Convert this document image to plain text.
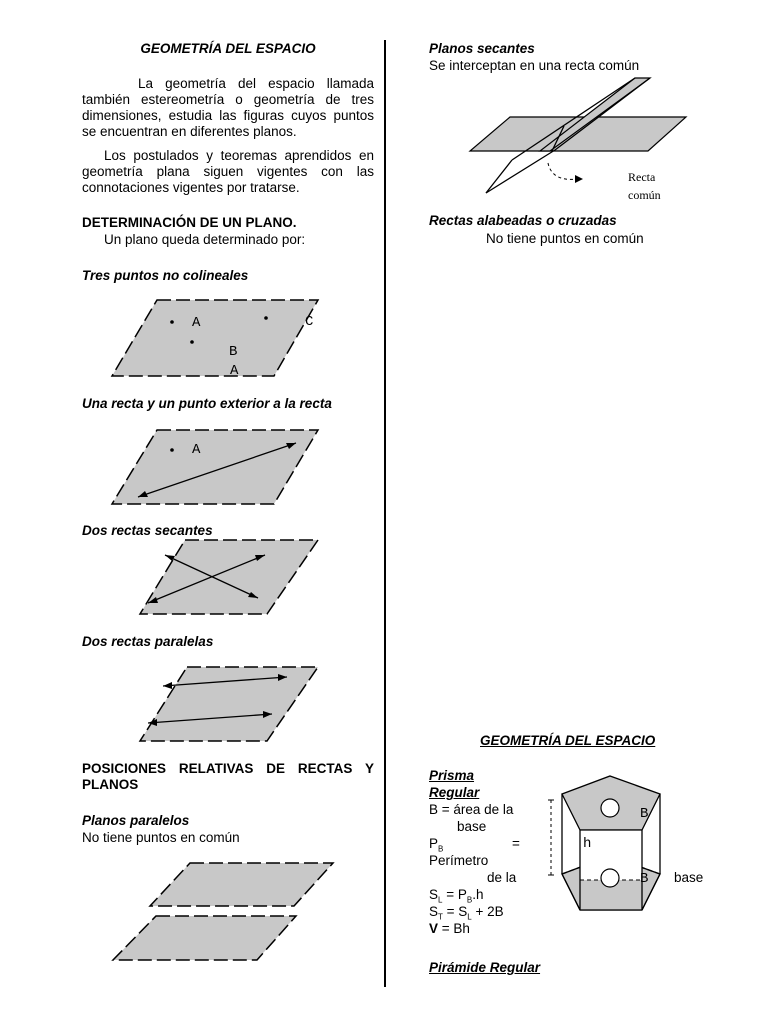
GEOMETRÍA DEL ESPACIO
La geometría del espacio llamada también estereometría o geometría de tres dimensiones, estudia las figuras cuyos puntos se encuentran en diferentes planos.
Los postulados y teoremas aprendidos en geometría plana siguen vigentes con las connotaciones vigentes por tratarse.
DETERMINACIÓN DE UN PLANO.
Un plano queda determinado por:
Tres puntos no colineales
A	C
B
A
Una recta y un punto exterior a la recta
A
Dos rectas secantes
Dos rectas paralelas
POSICIONES RELATIVAS DE RECTAS Y PLANOS
Planos paralelos
No tiene puntos en común
Planos secantes
Se interceptan en una recta común
Recta
común
Rectas alabeadas o cruzadas
No tiene puntos en común
GEOMETRÍA DEL ESPACIO
Prisma
Regular
B = área de la
base
$P_B$	=
Perímetro
de la	base
$S_L = P_B.h$
$S_T = S_L + 2B$
V = Bh
B
B
h
Pirámide Regular
